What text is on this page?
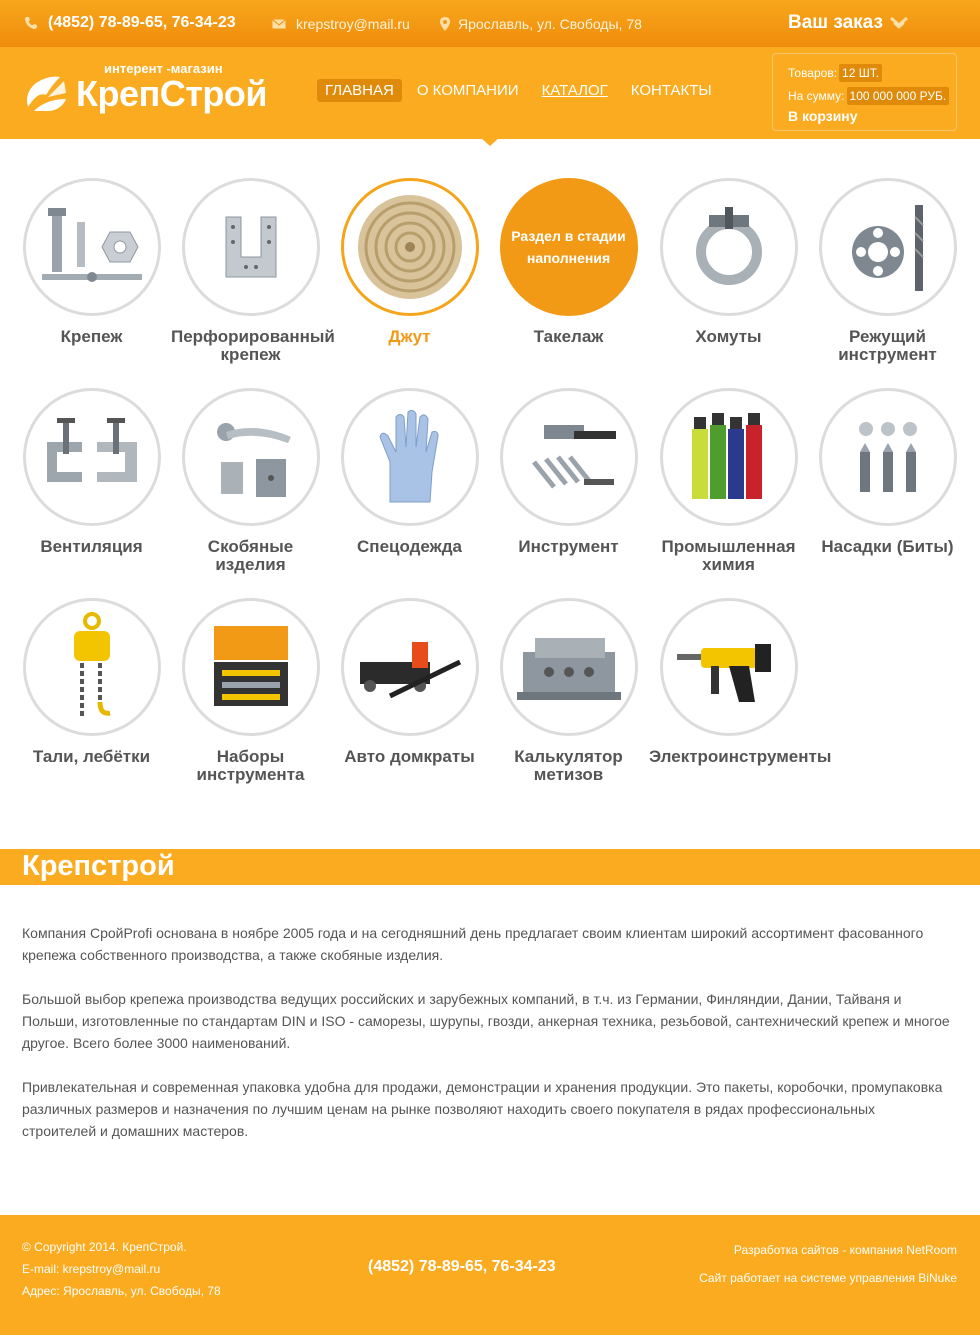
(4852) 78-89-65, 76-34-23	krepstroy@mail.ru	Ярославль, ул. Свободы, 78	Ваш заказ
интерент -магазин
КрепСтрой	ГЛАВНАЯ	О КОМПАНИИ	КАТАЛОГ	КОНТАКТЫ
Товаров: 12 ШТ.
На сумму: 100 000 000 РУБ.
В корзину
Крепеж	Перфорированный крепеж
Джут
Раздел в стадии наполнения
Такелаж	Хомуты	Режущий инструмент
Вентиляция	Скобяные изделия
Спецодежда	Инструмент	Промышленная химия
Насадки (Биты)
Тали, лебётки	Наборы инструмента
Авто домкраты	Калькулятор метизов
Электроинструменты
Крепстрой

Компания СройProfi основана в ноябре 2005 года и на сегодняшний день предлагает своим клиентам широкий ассортимент фасованного крепежа собственного производства, а также скобяные изделия.

Большой выбор крепежа производства ведущих российских и зарубежных компаний, в т.ч. из Германии, Финляндии, Дании, Тайваня и Польши, изготовленные по стандартам DIN и ISO - саморезы, шурупы, гвозди, анкерная техника, резьбовой, сантехнический крепеж и многое другое. Всего более 3000 наименований.

Привлекательная и современная упаковка удобна для продажи, демонстрации и хранения продукции. Это пакеты, коробочки, промупаковка различных размеров и назначения по лучшим ценам на рынке позволяют находить своего покупателя в рядах профессиональных строителей и домашних мастеров.

© Copyright 2014. КрепСтрой.
E-mail: krepstroy@mail.ru
Адрес: Ярославль, ул. Свободы, 78
(4852) 78-89-65, 76-34-23
Разработка сайтов - компания NetRoom
Сайт работает на системе управления BiNuke
